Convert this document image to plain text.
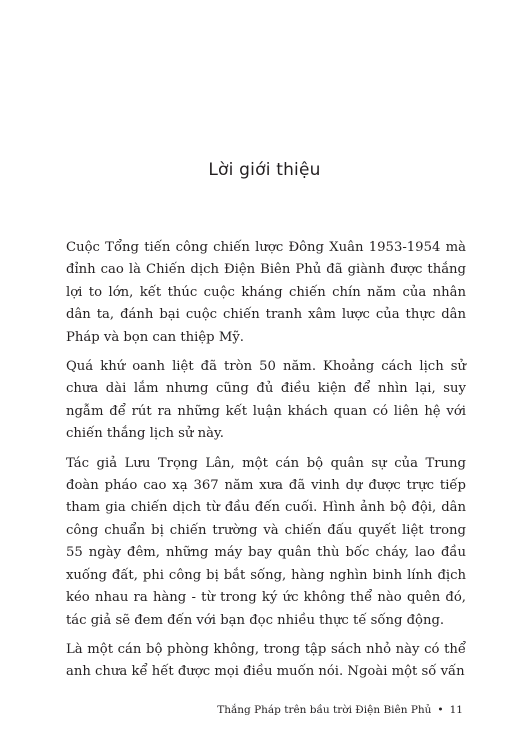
Lời giới thiệu

Cuộc Tổng tiến công chiến lược Đông Xuân 1953-1954 mà đỉnh cao là Chiến dịch Điện Biên Phủ đã giành được thắng lợi to lớn, kết thúc cuộc kháng chiến chín năm của nhân dân ta, đánh bại cuộc chiến tranh xâm lược của thực dân Pháp và bọn can thiệp Mỹ.

Quá khứ oanh liệt đã tròn 50 năm. Khoảng cách lịch sử chưa dài lắm nhưng cũng đủ điều kiện để nhìn lại, suy ngẫm để rút ra những kết luận khách quan có liên hệ với chiến thắng lịch sử này.

Tác giả Lưu Trọng Lân, một cán bộ quân sự của Trung đoàn pháo cao xạ 367 năm xưa đã vinh dự được trực tiếp tham gia chiến dịch từ đầu đến cuối. Hình ảnh bộ đội, dân công chuẩn bị chiến trường và chiến đấu quyết liệt trong 55 ngày đêm, những máy bay quân thù bốc cháy, lao đầu xuống đất, phi công bị bắt sống, hàng nghìn binh lính địch kéo nhau ra hàng - từ trong ký ức không thể nào quên đó, tác giả sẽ đem đến với bạn đọc nhiều thực tế sống động.

Là một cán bộ phòng không, trong tập sách nhỏ này có thể anh chưa kể hết được mọi điều muốn nói. Ngoài một số vấn

Thắng Pháp trên bầu trời Điện Biên Phủ • 11
